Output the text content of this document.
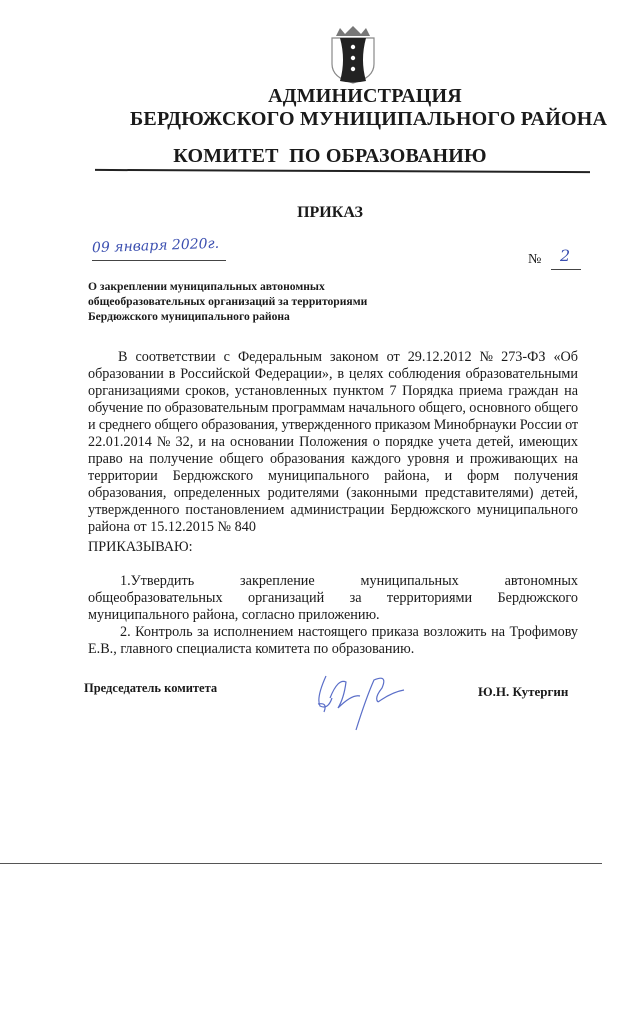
АДМИНИСТРАЦИЯ
БЕРДЮЖСКОГО МУНИЦИПАЛЬНОГО РАЙОНА
КОМИТЕТ  ПО ОБРАЗОВАНИЮ
ПРИКАЗ
09 января 2020г.
№ 2
О закреплении муниципальных автономных
общеобразовательных организаций за территориями
Бердюжского муниципального района
В соответствии с Федеральным законом от 29.12.2012 № 273-ФЗ «Об
образовании в Российской Федерации», в целях соблюдения образовательными
организациями сроков, установленных пунктом 7 Порядка приема граждан на
обучение по образовательным программам начального общего, основного общего
и среднего общего образования, утвержденного приказом Минобрнауки России от
22.01.2014 № 32, и на основании Положения о порядке учета детей, имеющих
право на получение общего образования каждого уровня и проживающих на
территории Бердюжского муниципального района, и форм получения
образования, определенных родителями (законными представителями) детей,
утвержденного постановлением администрации Бердюжского муниципального
района от 15.12.2015 № 840
ПРИКАЗЫВАЮ:
1.Утвердить закрепление муниципальных автономных
общеобразовательных организаций за территориями Бердюжского
муниципального района, согласно приложению.
2. Контроль за исполнением настоящего приказа возложить на Трофимову
Е.В., главного специалиста комитета по образованию.
Председатель комитета	Ю.Н. Кутергин
